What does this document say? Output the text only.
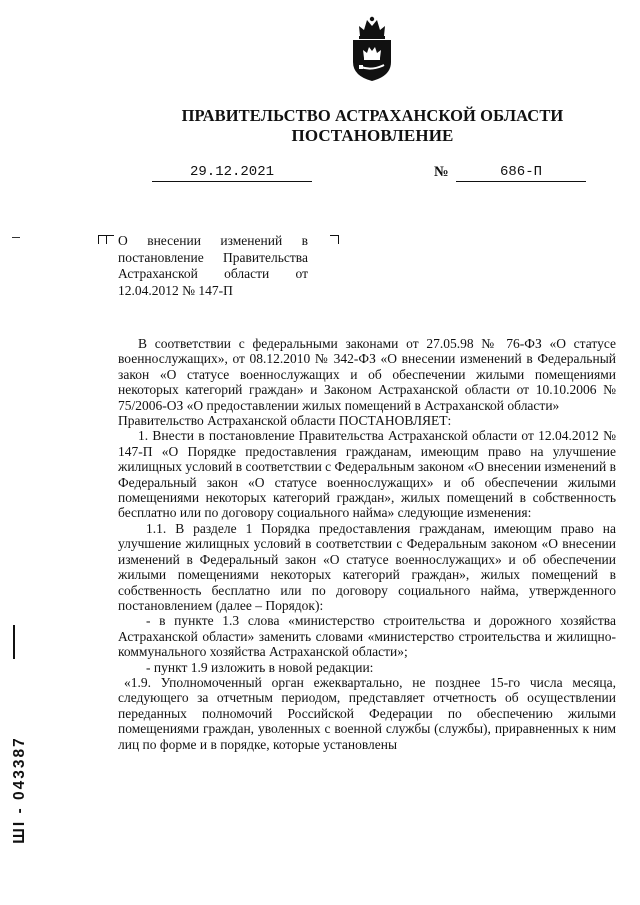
ПРАВИТЕЛЬСТВО АСТРАХАНСКОЙ ОБЛАСТИ
ПОСТАНОВЛЕНИЕ
29.12.2021	№	686-П
О внесении изменений в постановление Правительства Астраханской области от 12.04.2012 № 147-П

В соответствии с федеральными законами от 27.05.98 № 76-ФЗ «О статусе военнослужащих», от 08.12.2010 № 342-ФЗ «О внесении изменений в Федеральный закон «О статусе военнослужащих и об обеспечении жилыми помещениями некоторых категорий граждан» и Законом Астраханской области от 10.10.2006 № 75/2006-ОЗ «О предоставлении жилых помещений в Астраханской области»

Правительство Астраханской области ПОСТАНОВЛЯЕТ:

1. Внести в постановление Правительства Астраханской области от 12.04.2012 № 147-П «О Порядке предоставления гражданам, имеющим право на улучшение жилищных условий в соответствии с Федеральным законом «О внесении изменений в Федеральный закон «О статусе военнослужащих» и об обеспечении жилыми помещениями некоторых категорий граждан», жилых помещений в собственность бесплатно или по договору социального найма» следующие изменения:

1.1. В разделе 1 Порядка предоставления гражданам, имеющим право на улучшение жилищных условий в соответствии с Федеральным законом «О внесении изменений в Федеральный закон «О статусе военнослужащих» и об обеспечении жилыми помещениями некоторых категорий граждан», жилых помещений в собственность бесплатно или по договору социального найма, утвержденного постановлением (далее – Порядок):

- в пункте 1.3 слова «министерство строительства и дорожного хозяйства Астраханской области» заменить словами «министерство строительства и жилищно-коммунального хозяйства Астраханской области»;

- пункт 1.9 изложить в новой редакции:

«1.9. Уполномоченный орган ежеквартально, не позднее 15-го числа месяца, следующего за отчетным периодом, представляет отчетность об осуществлении переданных полномочий Российской Федерации по обеспечению жилыми помещениями граждан, уволенных с военной службы (службы), приравненных к ним лиц по форме и в порядке, которые установлены

ШI - 043387
